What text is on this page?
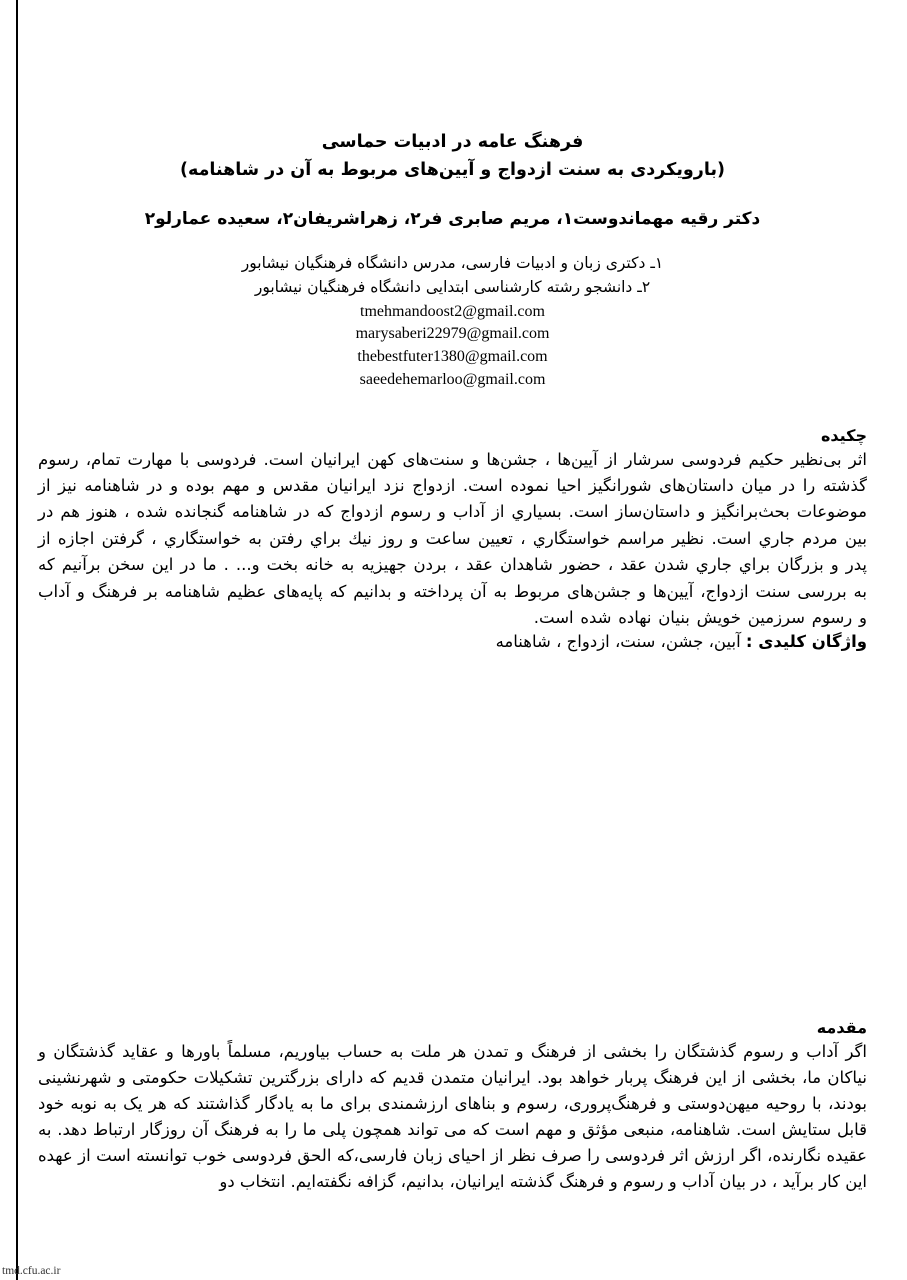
فرهنگ عامه در ادبیات حماسی
(بارویکردی به سنت ازدواج و آیین‌های مربوط به آن در شاهنامه)
دکتر رقیه مهماندوست۱، مریم صابری فر۲، زهراشریفان۲، سعیده عمارلو۲
۱ـ دکتری زبان و ادبیات فارسی، مدرس دانشگاه فرهنگیان نیشابور
۲ـ دانشجو رشته کارشناسی ابتدایی دانشگاه فرهنگیان نیشابور
tmehmandoost2@gmail.com
marysaberi22979@gmail.com
thebestfuter1380@gmail.com
saeedehemarloo@gmail.com
چکیده
اثر بی‌نظیر حکیم فردوسی سرشار از آیین‌ها ، جشن‌ها و سنت‌های کهن ایرانیان است. فردوسی با مهارت تمام، رسوم گذشته را در میان داستان‌های شورانگیز احیا نموده است. ازدواج نزد ایرانیان مقدس و مهم بوده و در شاهنامه نیز از موضوعات بحث‌برانگیز و داستان‌ساز است. بسیاري از آداب و رسوم ازدواج که در شاهنامه گنجانده شده ، هنوز هم در بین مردم جاري است. نظیر مراسم خواستگاري ، تعیین ساعت و روز نیك براي رفتن به خواستگاري ، گرفتن اجازه از پدر و بزرگان براي جاري شدن عقد ، حضور شاهدان عقد ، بردن جهیزیه به خانه بخت و... . ما در این سخن برآنیم که به بررسی سنت ازدواج، آیین‌ها و جشن‌های مربوط به آن پرداخته و بدانیم که پایه‌های عظیم شاهنامه بر فرهنگ و آداب و رسوم سرزمین خویش بنیان نهاده شده است.
واژگان کلیدی : آبین، جشن، سنت، ازدواج ، شاهنامه
مقدمه
اگر آداب و رسوم گذشتگان را بخشی از فرهنگ و تمدن هر ملت به حساب بیاوریم، مسلماً باورها و عقاید گذشتگان و نیاکان ما، بخشی از این فرهنگ پربار خواهد بود. ایرانیان متمدن قدیم که دارای بزرگترین تشکیلات حکومتی و شهرنشینی بودند، با روحیه میهن‌دوستی و فرهنگ‌پروری، رسوم و بناهای ارزشمندی برای ما به یادگار گذاشتند که هر یک به نوبه خود قابل ستایش است. شاهنامه، منبعی مؤثق و مهم است که می تواند همچون پلی ما را به فرهنگ آن روزگار ارتباط دهد. به عقیده نگارنده، اگر ارزش اثر فردوسی را صرف نظر از احیای زبان فارسی،که الحق فردوسی خوب توانسته است از عهده این کار برآید ، در بیان آداب و رسوم و فرهنگ گذشته ایرانیان، بدانیم، گزافه نگفته‌ایم. انتخاب دو
tmd.cfu.ac.ir
